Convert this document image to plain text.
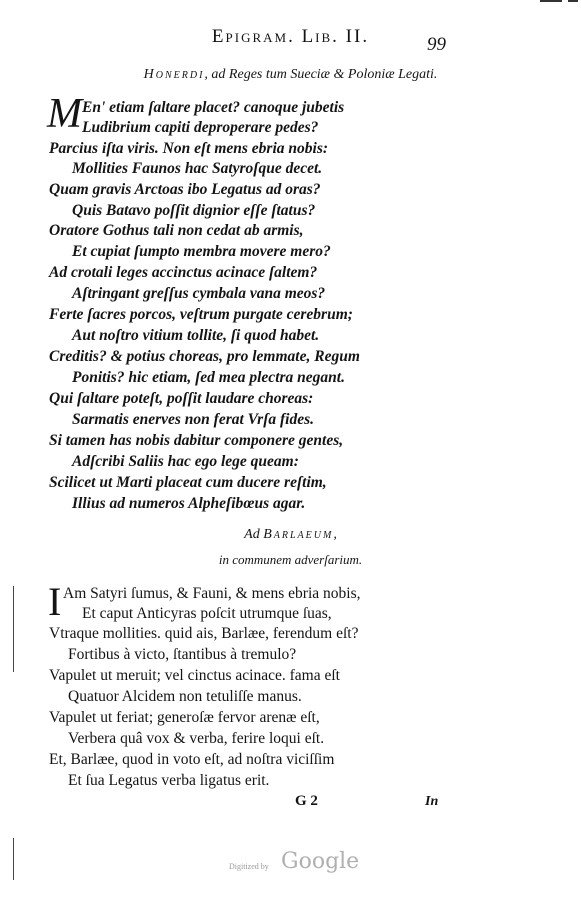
Epigram. Lib. II.	99
Honerdi, ad Reges tum Sueciæ & Poloniæ Legati.
M En' etiam ſaltare placet? canoque jubetis
Ludibrium capiti deproperare pedes?
Parcius iſta viris. Non eſt mens ebria nobis:
Mollities Faunos hac Satyroſque decet.
Quam gravis Arctoas ibo Legatus ad oras?
Quis Batavo poſſit dignior eſſe ſtatus?
Oratore Gothus tali non cedat ab armis,
Et cupiat ſumpto membra movere mero?
Ad crotali leges accinctus acinace ſaltem?
Aſtringant greſſus cymbala vana meos?
Ferte ſacres porcos, veſtrum purgate cerebrum;
Aut noſtro vitium tollite, ſi quod habet.
Creditis? & potius choreas, pro lemmate, Regum
Ponitis? hic etiam, ſed mea plectra negant.
Qui ſaltare poteſt, poſſit laudare choreas:
Sarmatis enerves non ferat Vrſa fides.
Si tamen has nobis dabitur componere gentes,
Adſcribi Saliis hac ego lege queam:
Scilicet ut Marti placeat cum ducere reſtim,
Illius ad numeros Alpheſibœus agar.
Ad Barlaeum,
in communem adverſarium.
I Am Satyri ſumus, & Fauni, & mens ebria nobis,
Et caput Anticyras poſcit utrumque ſuas,
Vtraque mollities. quid ais, Barlæe, ferendum eſt?
Fortibus à victo, ſtantibus à tremulo?
Vapulet ut meruit; vel cinctus acinace. fama eſt
Quatuor Alcidem non tetuliſſe manus.
Vapulet ut feriat; generoſæ fervor arenæ eſt,
Verbera quâ vox & verba, ferire loqui eſt.
Et, Barlæe, quod in voto eſt, ad noſtra viciſſim
Et ſua Legatus verba ligatus erit.
G 2	In
Digitized by Google
